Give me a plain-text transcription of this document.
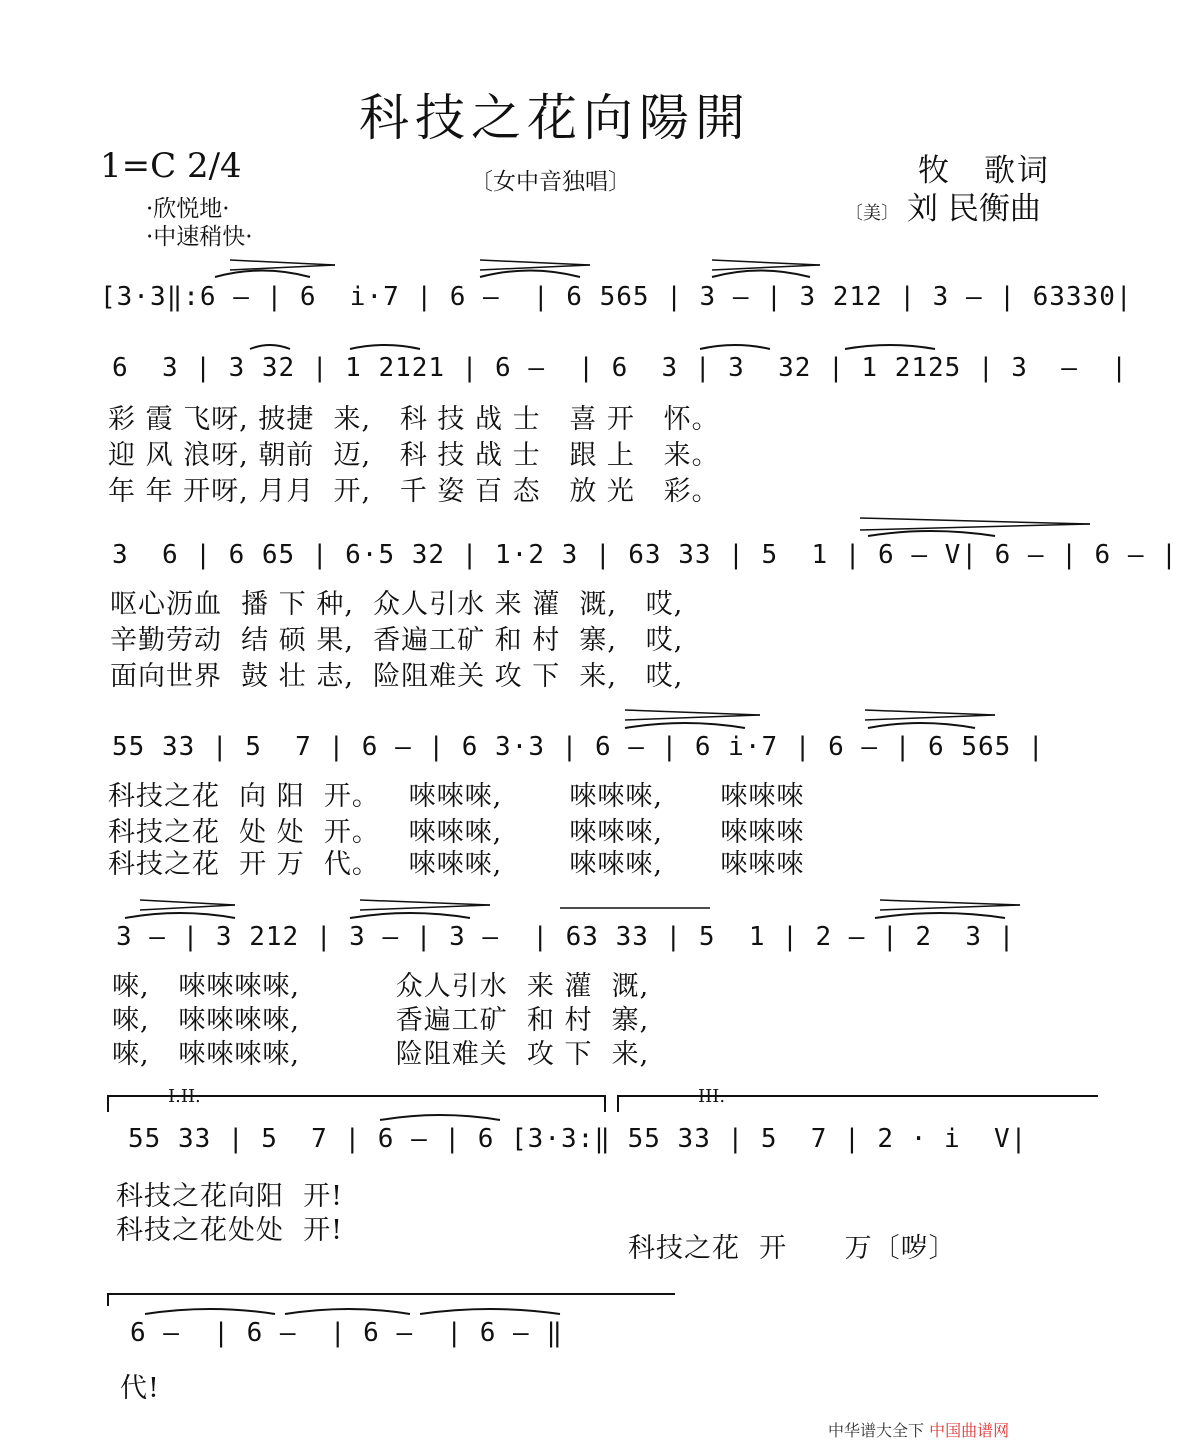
科技之花向陽開
1=C 2/4
·欣悦地·
·中速稍快·
〔女中音独唱〕	牧　歌词
〔美〕 刘 民衡曲
[3·3‖:6 — | 6  i·7 | 6 —  | 6 565 | 3 — | 3 212 | 3 — | 63330|
6  3 | 3 32 | 1 2121 | 6 —  | 6  3 | 3  32 | 1 2125 | 3  —  |
彩 霞 飞呀, 披捷  来,   科 技 战 士   喜 开   怀。
迎 风 浪呀, 朝前  迈,   科 技 战 士   跟 上   来。
年 年 开呀, 月月  开,   千 姿 百 态   放 光   彩。
3  6 | 6 65 | 6·5 32 | 1·2 3 | 63 33 | 5  1 | 6 — V| 6 — | 6 — |
呕心沥血  播 下 种,  众人引水 来 灌  溉,   哎,
辛勤劳动  结 硕 果,  香遍工矿 和 村  寨,   哎,
面向世界  鼓 壮 志,  险阻难关 攻 下  来,   哎,
55 33 | 5  7 | 6 — | 6 3·3 | 6 — | 6 i·7 | 6 — | 6 565 |
科技之花  向 阳  开。   唻唻唻,       唻唻唻,      唻唻唻
科技之花  处 处  开。   唻唻唻,       唻唻唻,      唻唻唻
科技之花  开 万  代。   唻唻唻,       唻唻唻,      唻唻唻
3 — | 3 212 | 3 — | 3 —  | 63 33 | 5  1 | 2 — | 2  3 |
唻,   唻唻唻唻,          众人引水  来 灌  溉,
唻,   唻唻唻唻,          香遍工矿  和 村  寨,
唻,   唻唻唻唻,          险阻难关  攻 下  来,
I.II.	III.
55 33 | 5  7 | 6 — | 6 [3·3:‖ 55 33 | 5  7 | 2 · i  V|
科技之花向阳  开!
科技之花处处  开!
科技之花  开      万〔哕〕
6 —  | 6 —  | 6 —  | 6 — ‖
代!
中华谱大全下 中国曲谱网
